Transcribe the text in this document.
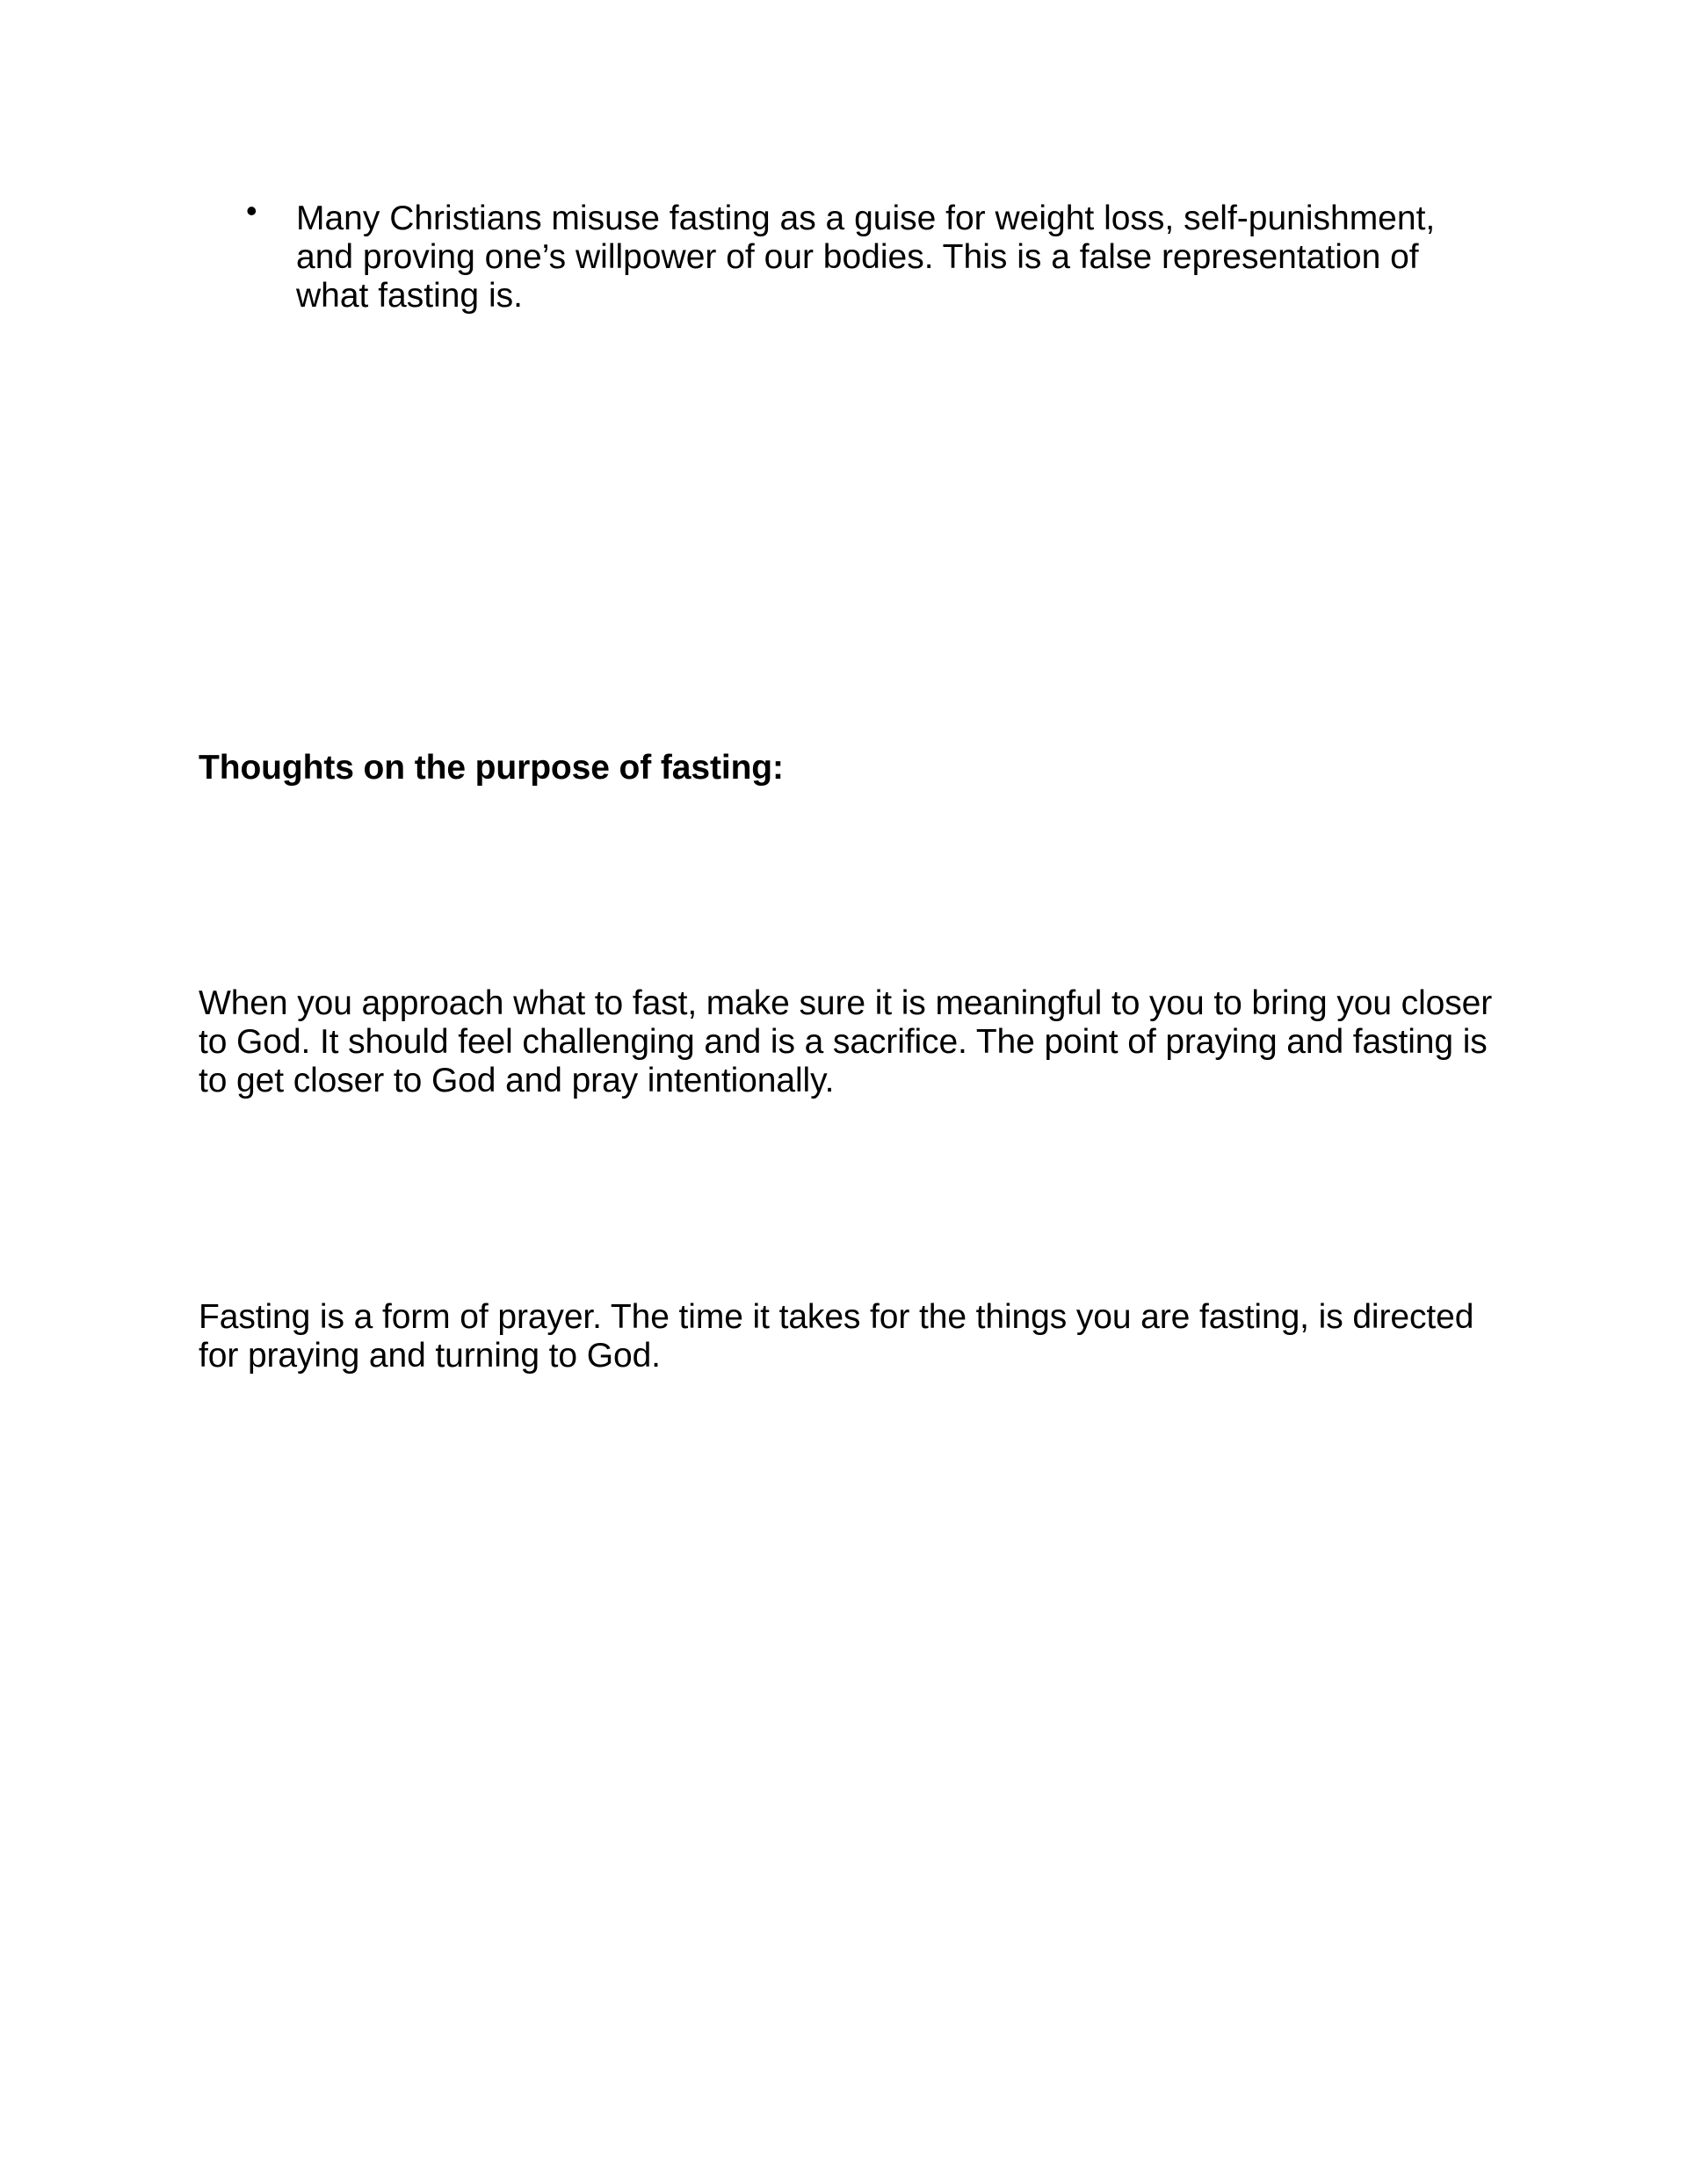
• Many Christians misuse fasting as a guise for weight loss, self-punishment, and proving one’s willpower of our bodies. This is a false representation of what fasting is.
Thoughts on the purpose of fasting:
When you approach what to fast, make sure it is meaningful to you to bring you closer to God. It should feel challenging and is a sacrifice. The point of praying and fasting is to get closer to God and pray intentionally.
Fasting is a form of prayer. The time it takes for the things you are fasting, is directed for praying and turning to God.
